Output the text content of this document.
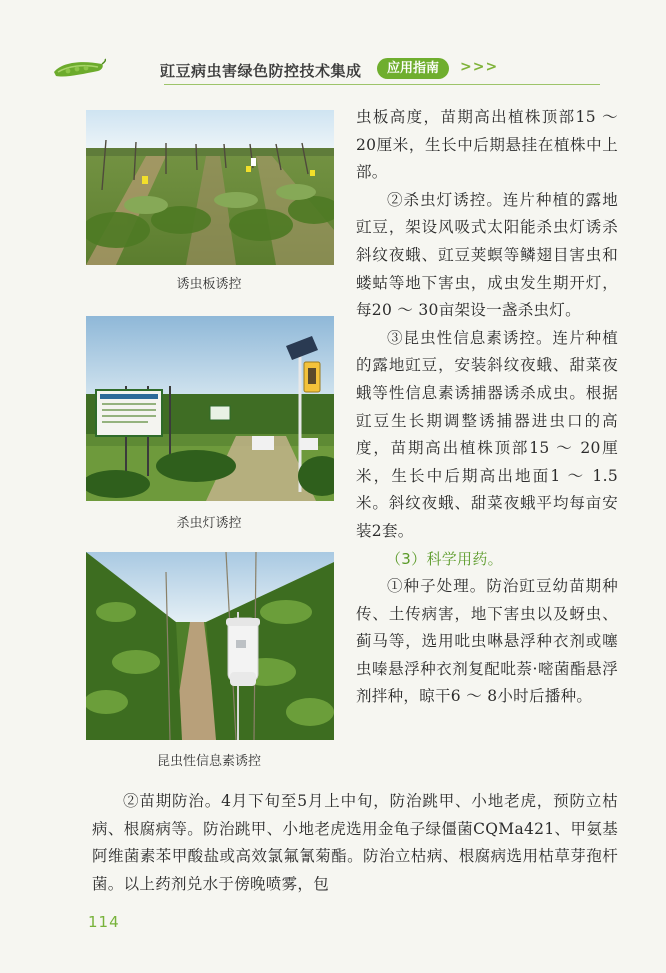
豇豆病虫害绿色防控技术集成	应用指南	>>>
诱虫板诱控
杀虫灯诱控
昆虫性信息素诱控

虫板高度，苗期高出植株顶部15 ～ 20厘米，生长中后期悬挂在植株中上部。

②杀虫灯诱控。连片种植的露地豇豆，架设风吸式太阳能杀虫灯诱杀斜纹夜蛾、豇豆荚螟等鳞翅目害虫和蝼蛄等地下害虫，成虫发生期开灯，每20 ～ 30亩架设一盏杀虫灯。

③昆虫性信息素诱控。连片种植的露地豇豆，安装斜纹夜蛾、甜菜夜蛾等性信息素诱捕器诱杀成虫。根据豇豆生长期调整诱捕器进虫口的高度，苗期高出植株顶部15 ～ 20厘米，生长中后期高出地面1 ～ 1.5米。斜纹夜蛾、甜菜夜蛾平均每亩安装2套。

（3）科学用药。

①种子处理。防治豇豆幼苗期种传、土传病害，地下害虫以及蚜虫、蓟马等，选用吡虫啉悬浮种衣剂或噻虫嗪悬浮种衣剂复配吡萘·嘧菌酯悬浮剂拌种，晾干6 ～ 8小时后播种。

②苗期防治。4月下旬至5月上中旬，防治跳甲、小地老虎，预防立枯病、根腐病等。防治跳甲、小地老虎选用金龟子绿僵菌CQMa421、甲氨基阿维菌素苯甲酸盐或高效氯氟氰菊酯。防治立枯病、根腐病选用枯草芽孢杆菌。以上药剂兑水于傍晚喷雾，包

114
